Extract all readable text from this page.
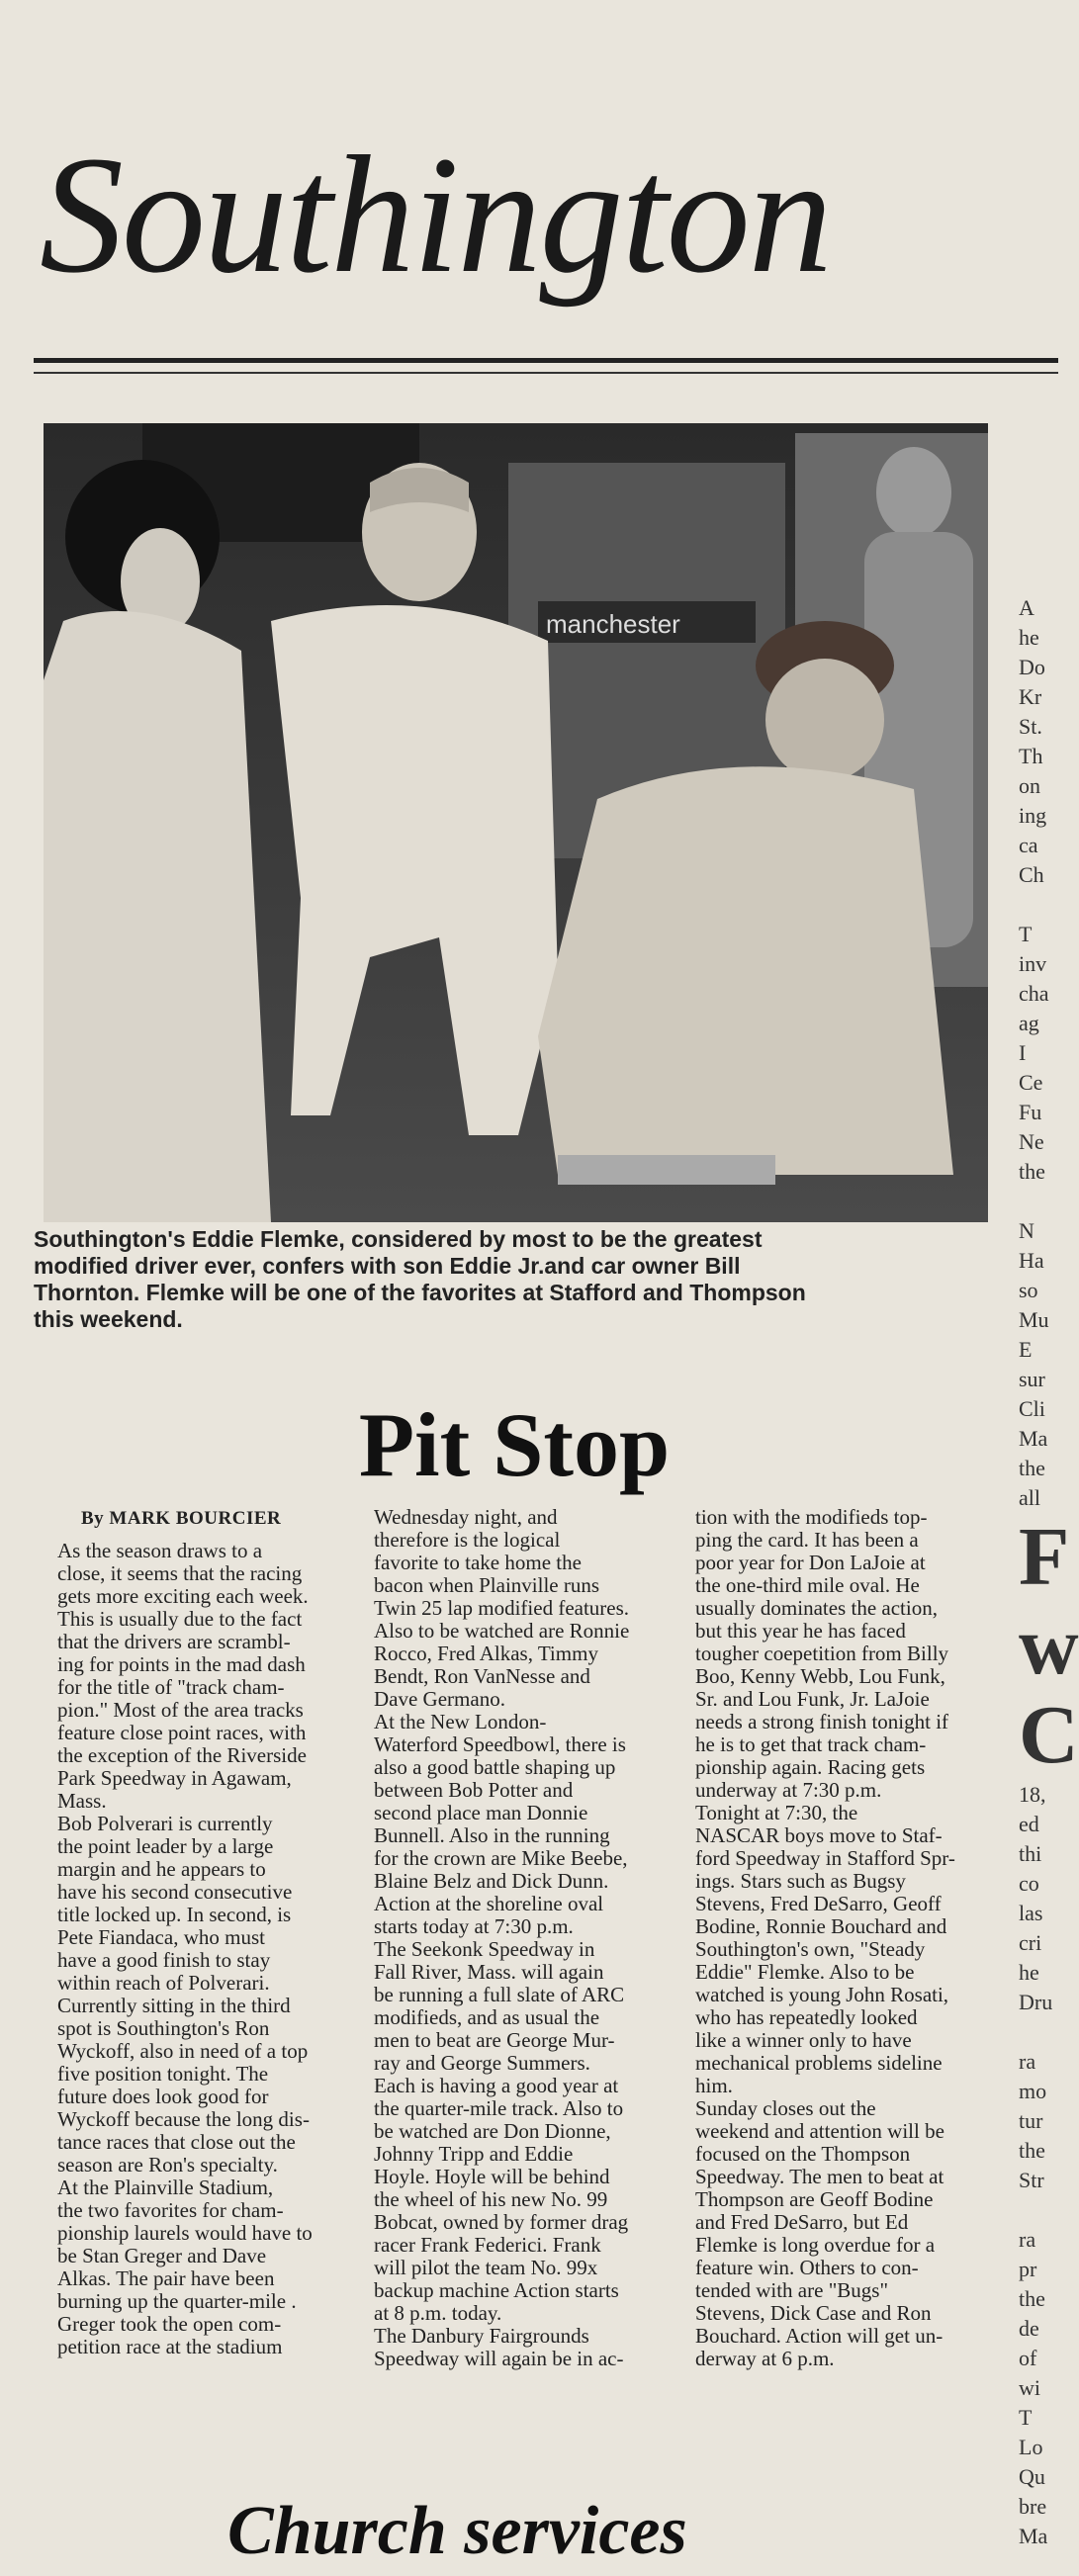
Southington
manchester
A
he
Do
Kr
St.
Th
on
ing
ca
Ch
T
inv
cha
ag
I
Ce
Fu
Ne
the
N
Ha
so
Mu
E
sur
Cli
Ma
the
all
F
w
C
18,
ed
thi
co
las
cri
he
Dru
ra
mo
tur
the
Str
ra
pr
the
de
of
wi
T
Lo
Qu
bre
Ma
Southington's Eddie Flemke, considered by most to be the greatest
modified driver ever, confers with son Eddie Jr.and car owner Bill
Thornton. Flemke will be one of the favorites at Stafford and Thompson
this weekend.
Pit Stop
By MARK BOURCIER
As the season draws to a
close, it seems that the racing
gets more exciting each week.
This is usually due to the fact
that the drivers are scrambl-
ing for points in the mad dash
for the title of "track cham-
pion." Most of the area tracks
feature close point races, with
the exception of the Riverside
Park Speedway in Agawam,
Mass.
Bob Polverari is currently
the point leader by a large
margin and he appears to
have his second consecutive
title locked up. In second, is
Pete Fiandaca, who must
have a good finish to stay
within reach of Polverari.
Currently sitting in the third
spot is Southington's Ron
Wyckoff, also in need of a top
five position tonight. The
future does look good for
Wyckoff because the long dis-
tance races that close out the
season are Ron's specialty.
At the Plainville Stadium,
the two favorites for cham-
pionship laurels would have to
be Stan Greger and Dave
Alkas. The pair have been
burning up the quarter-mile .
Greger took the open com-
petition race at the stadium
Wednesday night, and
therefore is the logical
favorite to take home the
bacon when Plainville runs
Twin 25 lap modified features.
Also to be watched are Ronnie
Rocco, Fred Alkas, Timmy
Bendt, Ron VanNesse and
Dave Germano.
At the New London-
Waterford Speedbowl, there is
also a good battle shaping up
between Bob Potter and
second place man Donnie
Bunnell. Also in the running
for the crown are Mike Beebe,
Blaine Belz and Dick Dunn.
Action at the shoreline oval
starts today at 7:30 p.m.
The Seekonk Speedway in
Fall River, Mass. will again
be running a full slate of ARC
modifieds, and as usual the
men to beat are George Mur-
ray and George Summers.
Each is having a good year at
the quarter-mile track. Also to
be watched are Don Dionne,
Johnny Tripp and Eddie
Hoyle. Hoyle will be behind
the wheel of his new No. 99
Bobcat, owned by former drag
racer Frank Federici. Frank
will pilot the team No. 99x
backup machine Action starts
at 8 p.m. today.
The Danbury Fairgrounds
Speedway will again be in ac-
tion with the modifieds top-
ping the card. It has been a
poor year for Don LaJoie at
the one-third mile oval. He
usually dominates the action,
but this year he has faced
tougher coepetition from Billy
Boo, Kenny Webb, Lou Funk,
Sr. and Lou Funk, Jr. LaJoie
needs a strong finish tonight if
he is to get that track cham-
pionship again. Racing gets
underway at 7:30 p.m.
Tonight at 7:30, the
NASCAR boys move to Staf-
ford Speedway in Stafford Spr-
ings. Stars such as Bugsy
Stevens, Fred DeSarro, Geoff
Bodine, Ronnie Bouchard and
Southington's own, "Steady
Eddie" Flemke. Also to be
watched is young John Rosati,
who has repeatedly looked
like a winner only to have
mechanical problems sideline
him.
Sunday closes out the
weekend and attention will be
focused on the Thompson
Speedway. The men to beat at
Thompson are Geoff Bodine
and Fred DeSarro, but Ed
Flemke is long overdue for a
feature win. Others to con-
tended with are "Bugs"
Stevens, Dick Case and Ron
Bouchard. Action will get un-
derway at 6 p.m.
Church services
